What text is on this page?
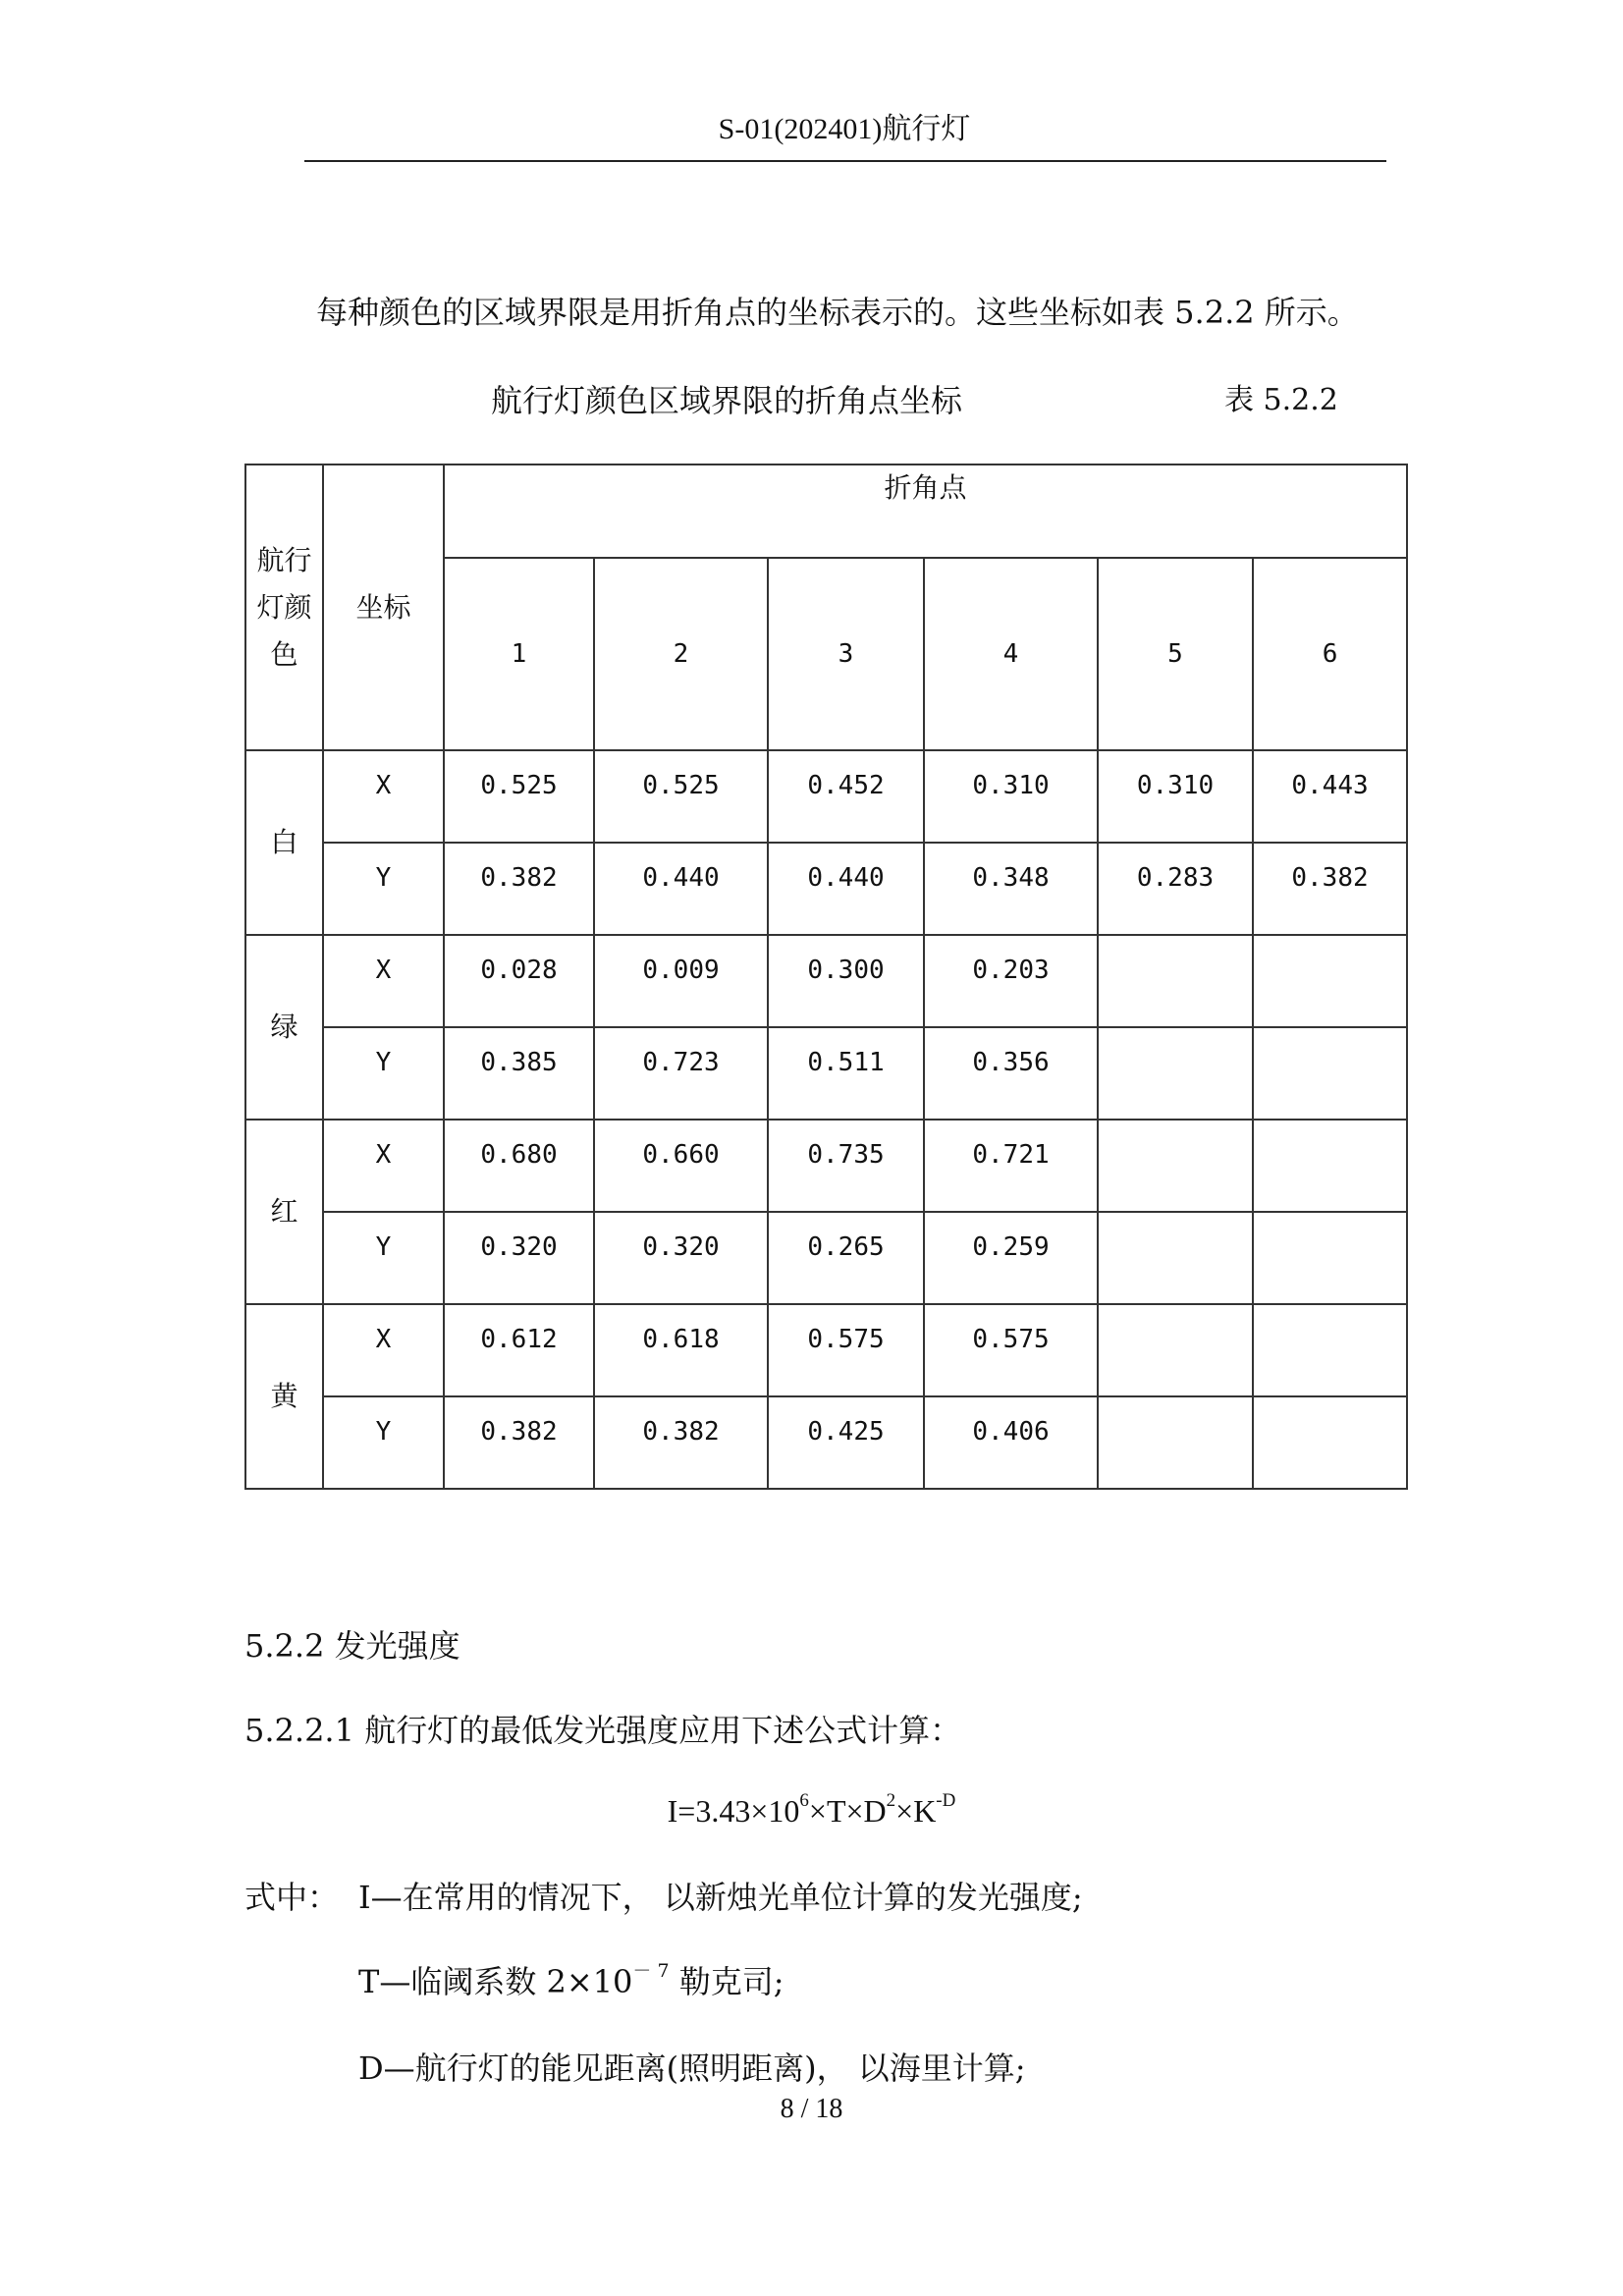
S-01(202401)航行灯
每种颜色的区域界限是用折角点的坐标表示的。这些坐标如表 5.2.2 所示。
航行灯颜色区域界限的折角点坐标	表 5.2.2
航行灯颜色	坐标	折角点					

		1	2	3	4	5	6
白	X	0.525	0.525	0.452	0.310	0.310	0.443

	Y	0.382	0.440	0.440	0.348	0.283	0.382

绿	X	0.028	0.009	0.300	0.203		

	Y	0.385	0.723	0.511	0.356		

红	X	0.680	0.660	0.735	0.721		

	Y	0.320	0.320	0.265	0.259		

黄	X	0.612	0.618	0.575	0.575		

	Y	0.382	0.382	0.425	0.406		

5.2.2 发光强度
5.2.2.1 航行灯的最低发光强度应用下述公式计算：
$I=3.43\times 10^6\times T\times D^2\times K^{-D}$
式中： I—在常用的情况下， 以新烛光单位计算的发光强度;
T—临阈系数 $2\times 10^{- 7}$ 勒克司;
D—航行灯的能见距离(照明距离)， 以海里计算;
8 / 18
